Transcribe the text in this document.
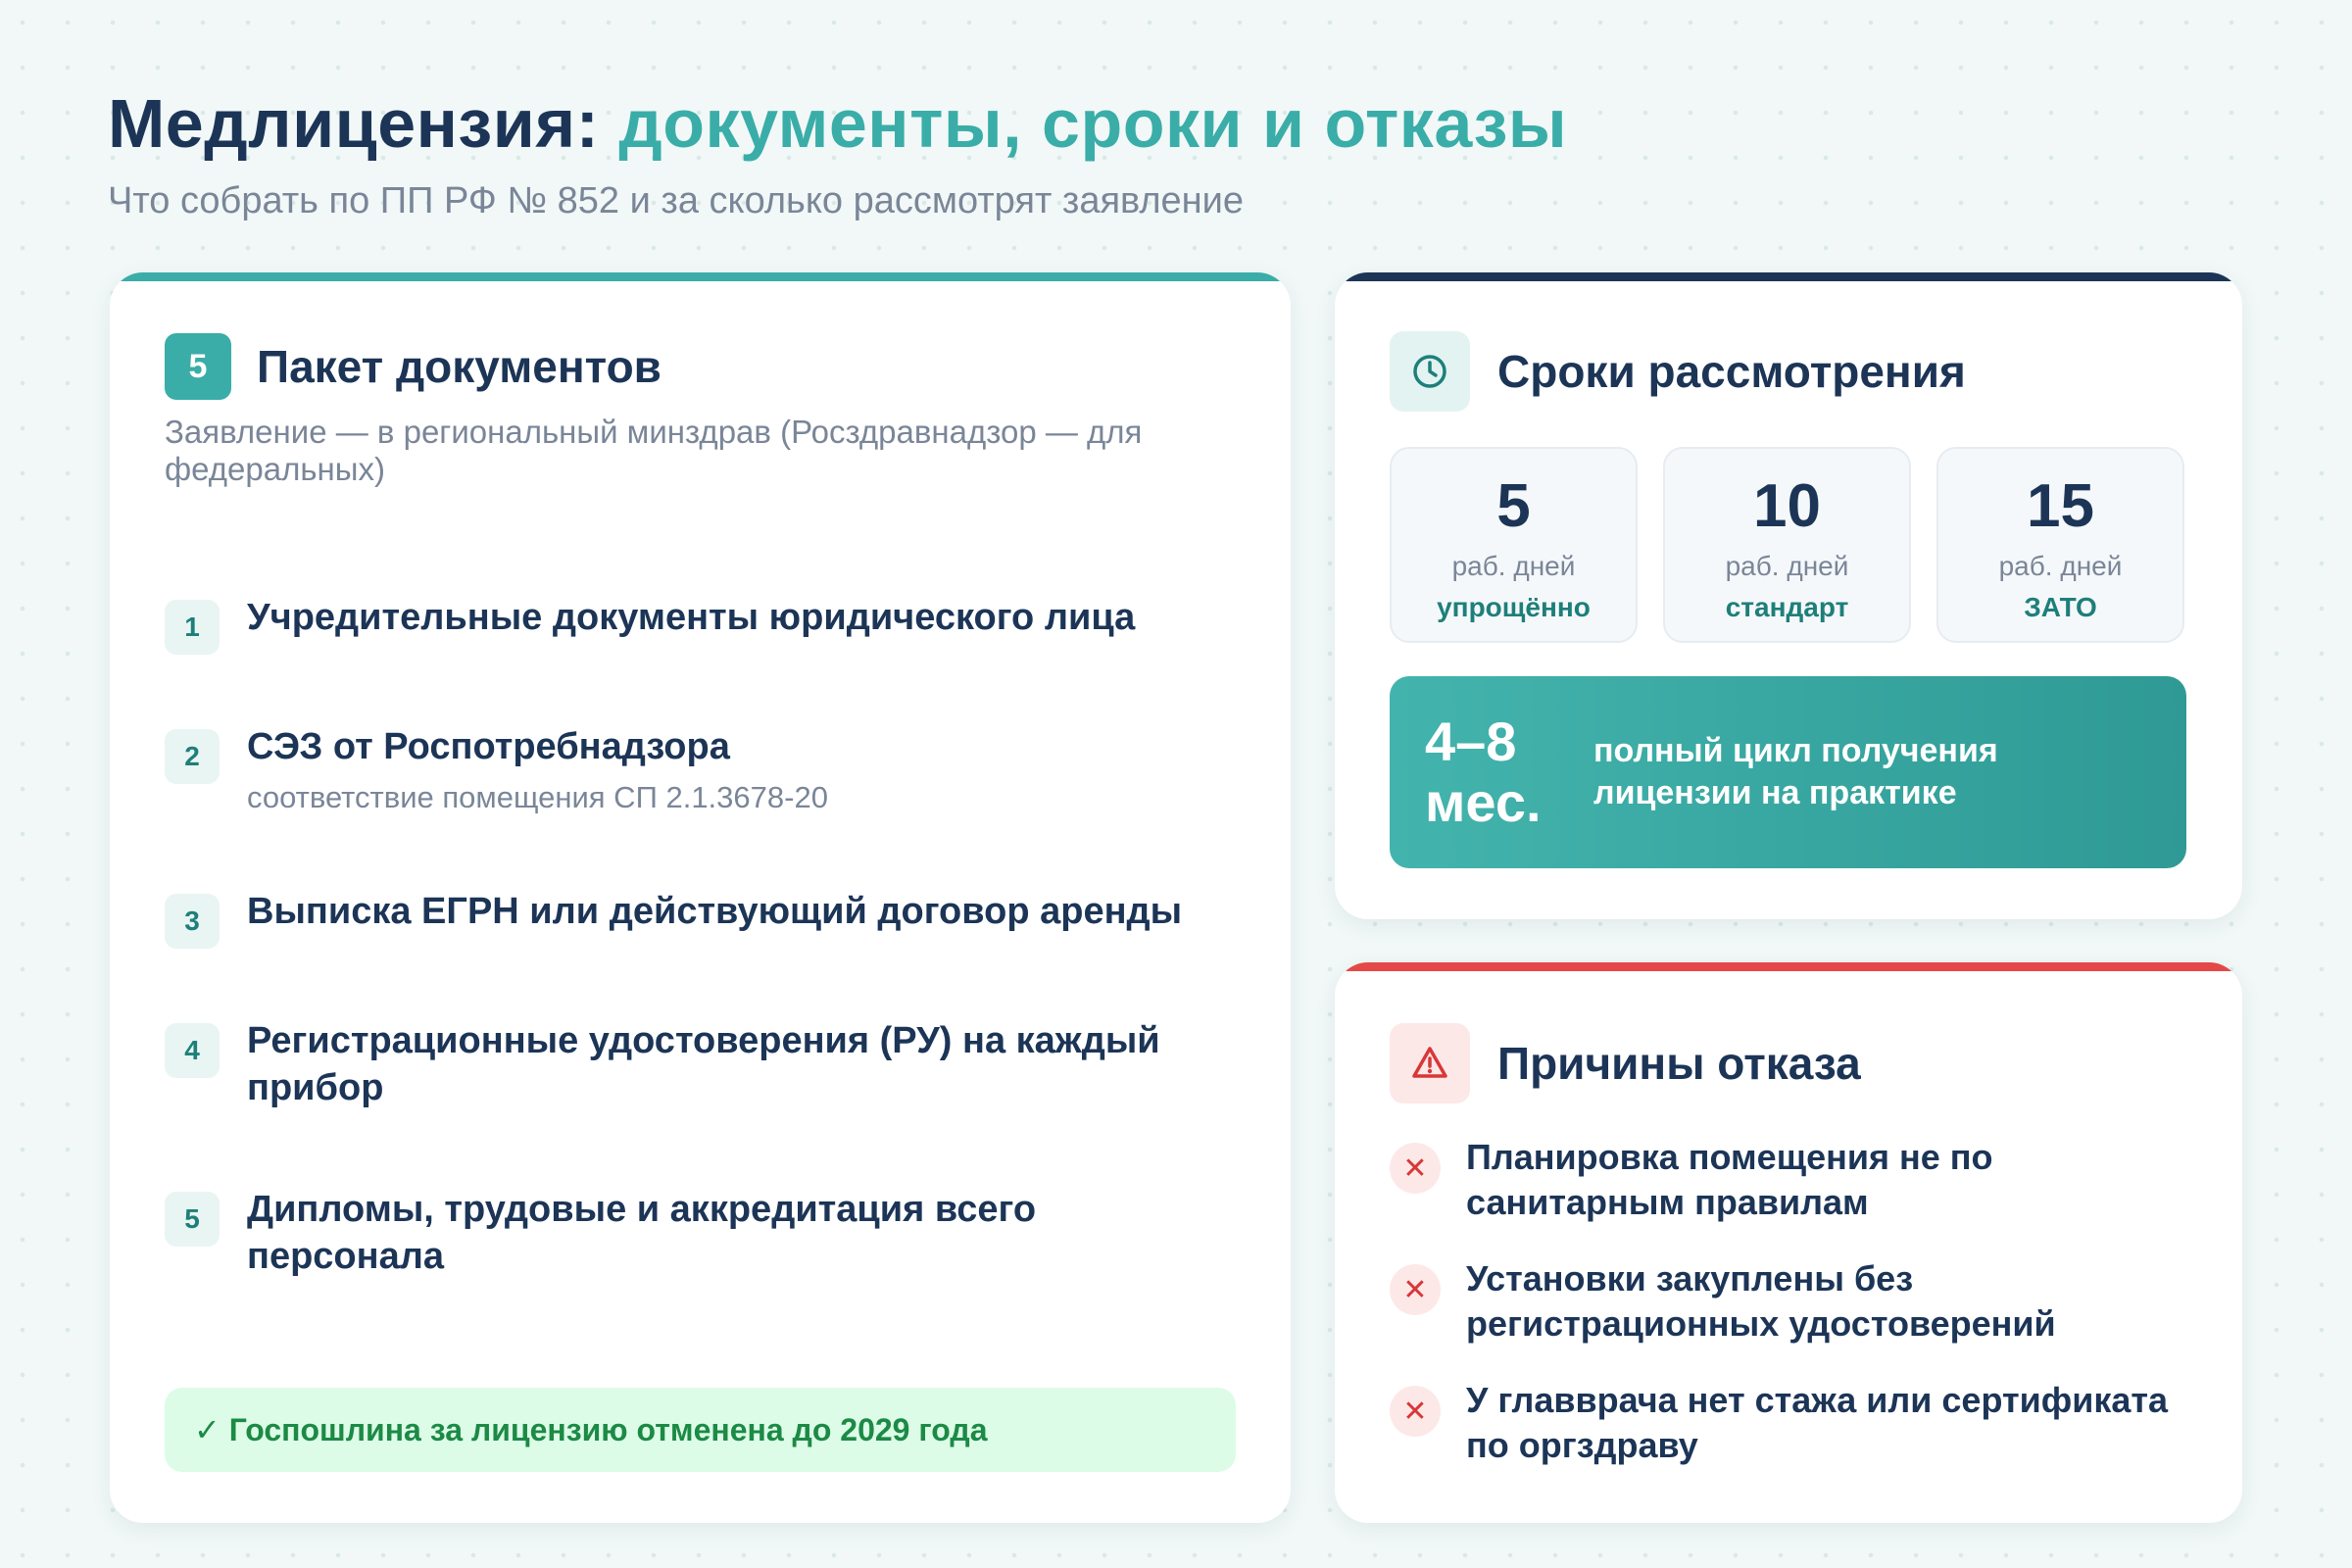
Медлицензия: документы, сроки и отказы
Что собрать по ПП РФ № 852 и за сколько рассмотрят заявление
5	Пакет документов
Заявление — в региональный минздрав (Росздравнадзор — для федеральных)
1	Учредительные документы юридического лица
2	СЭЗ от Роспотребнадзора
соответствие помещения СП 2.1.3678-20
3	Выписка ЕГРН или действующий договор аренды
4	Регистрационные удостоверения (РУ) на каждый прибор
5	Дипломы, трудовые и аккредитация всего персонала
✓ Госпошлина за лицензию отменена до 2029 года
Сроки рассмотрения
5
раб. дней
упрощённо
10
раб. дней
стандарт
15
раб. дней
ЗАТО
4–8 мес.
полный цикл получения лицензии на практике
Причины отказа
✕	Планировка помещения не по санитарным правилам
✕	Установки закуплены без регистрационных удостоверений
✕	У главврача нет стажа или сертификата по оргздраву
